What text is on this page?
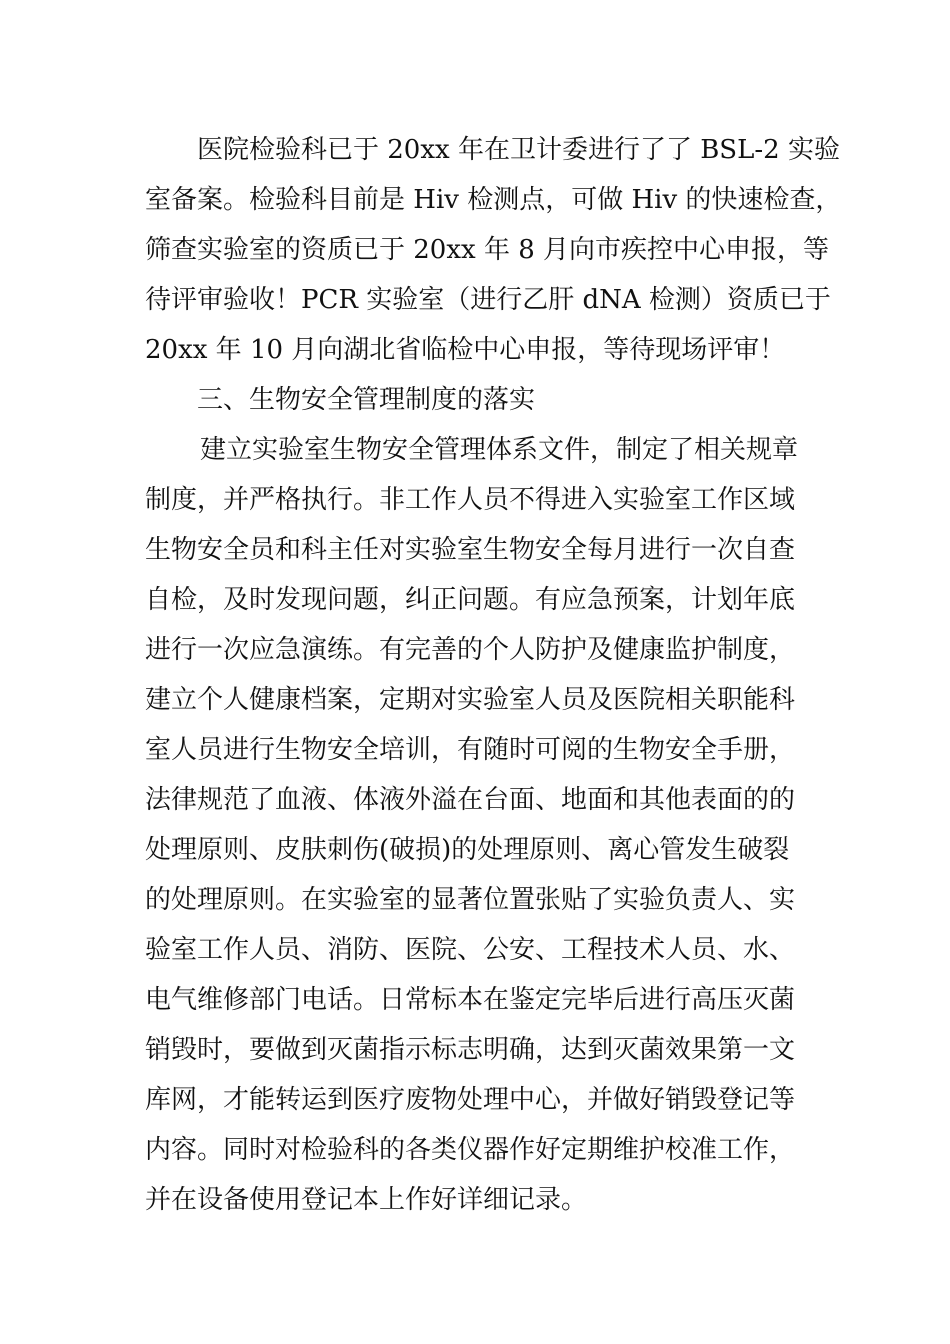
医院检验科已于 20xx 年在卫计委进行了了 BSL-2 实验
室备案。检验科目前是 Hiv 检测点，可做 Hiv 的快速检查，
筛查实验室的资质已于 20xx 年 8 月向市疾控中心申报，等
待评审验收！PCR 实验室（进行乙肝 dNA 检测）资质已于
20xx 年 10 月向湖北省临检中心申报，等待现场评审！
三、生物安全管理制度的落实
建立实验室生物安全管理体系文件，制定了相关规章
制度，并严格执行。非工作人员不得进入实验室工作区域
生物安全员和科主任对实验室生物安全每月进行一次自查
自检，及时发现问题，纠正问题。有应急预案，计划年底
进行一次应急演练。有完善的个人防护及健康监护制度，
建立个人健康档案，定期对实验室人员及医院相关职能科
室人员进行生物安全培训，有随时可阅的生物安全手册，
法律规范了血液、体液外溢在台面、地面和其他表面的的
处理原则、皮肤刺伤(破损)的处理原则、离心管发生破裂
的处理原则。在实验室的显著位置张贴了实验负责人、实
验室工作人员、消防、医院、公安、工程技术人员、水、
电气维修部门电话。日常标本在鉴定完毕后进行高压灭菌
销毁时，要做到灭菌指示标志明确，达到灭菌效果第一文
库网，才能转运到医疗废物处理中心，并做好销毁登记等
内容。同时对检验科的各类仪器作好定期维护校准工作，
并在设备使用登记本上作好详细记录。
